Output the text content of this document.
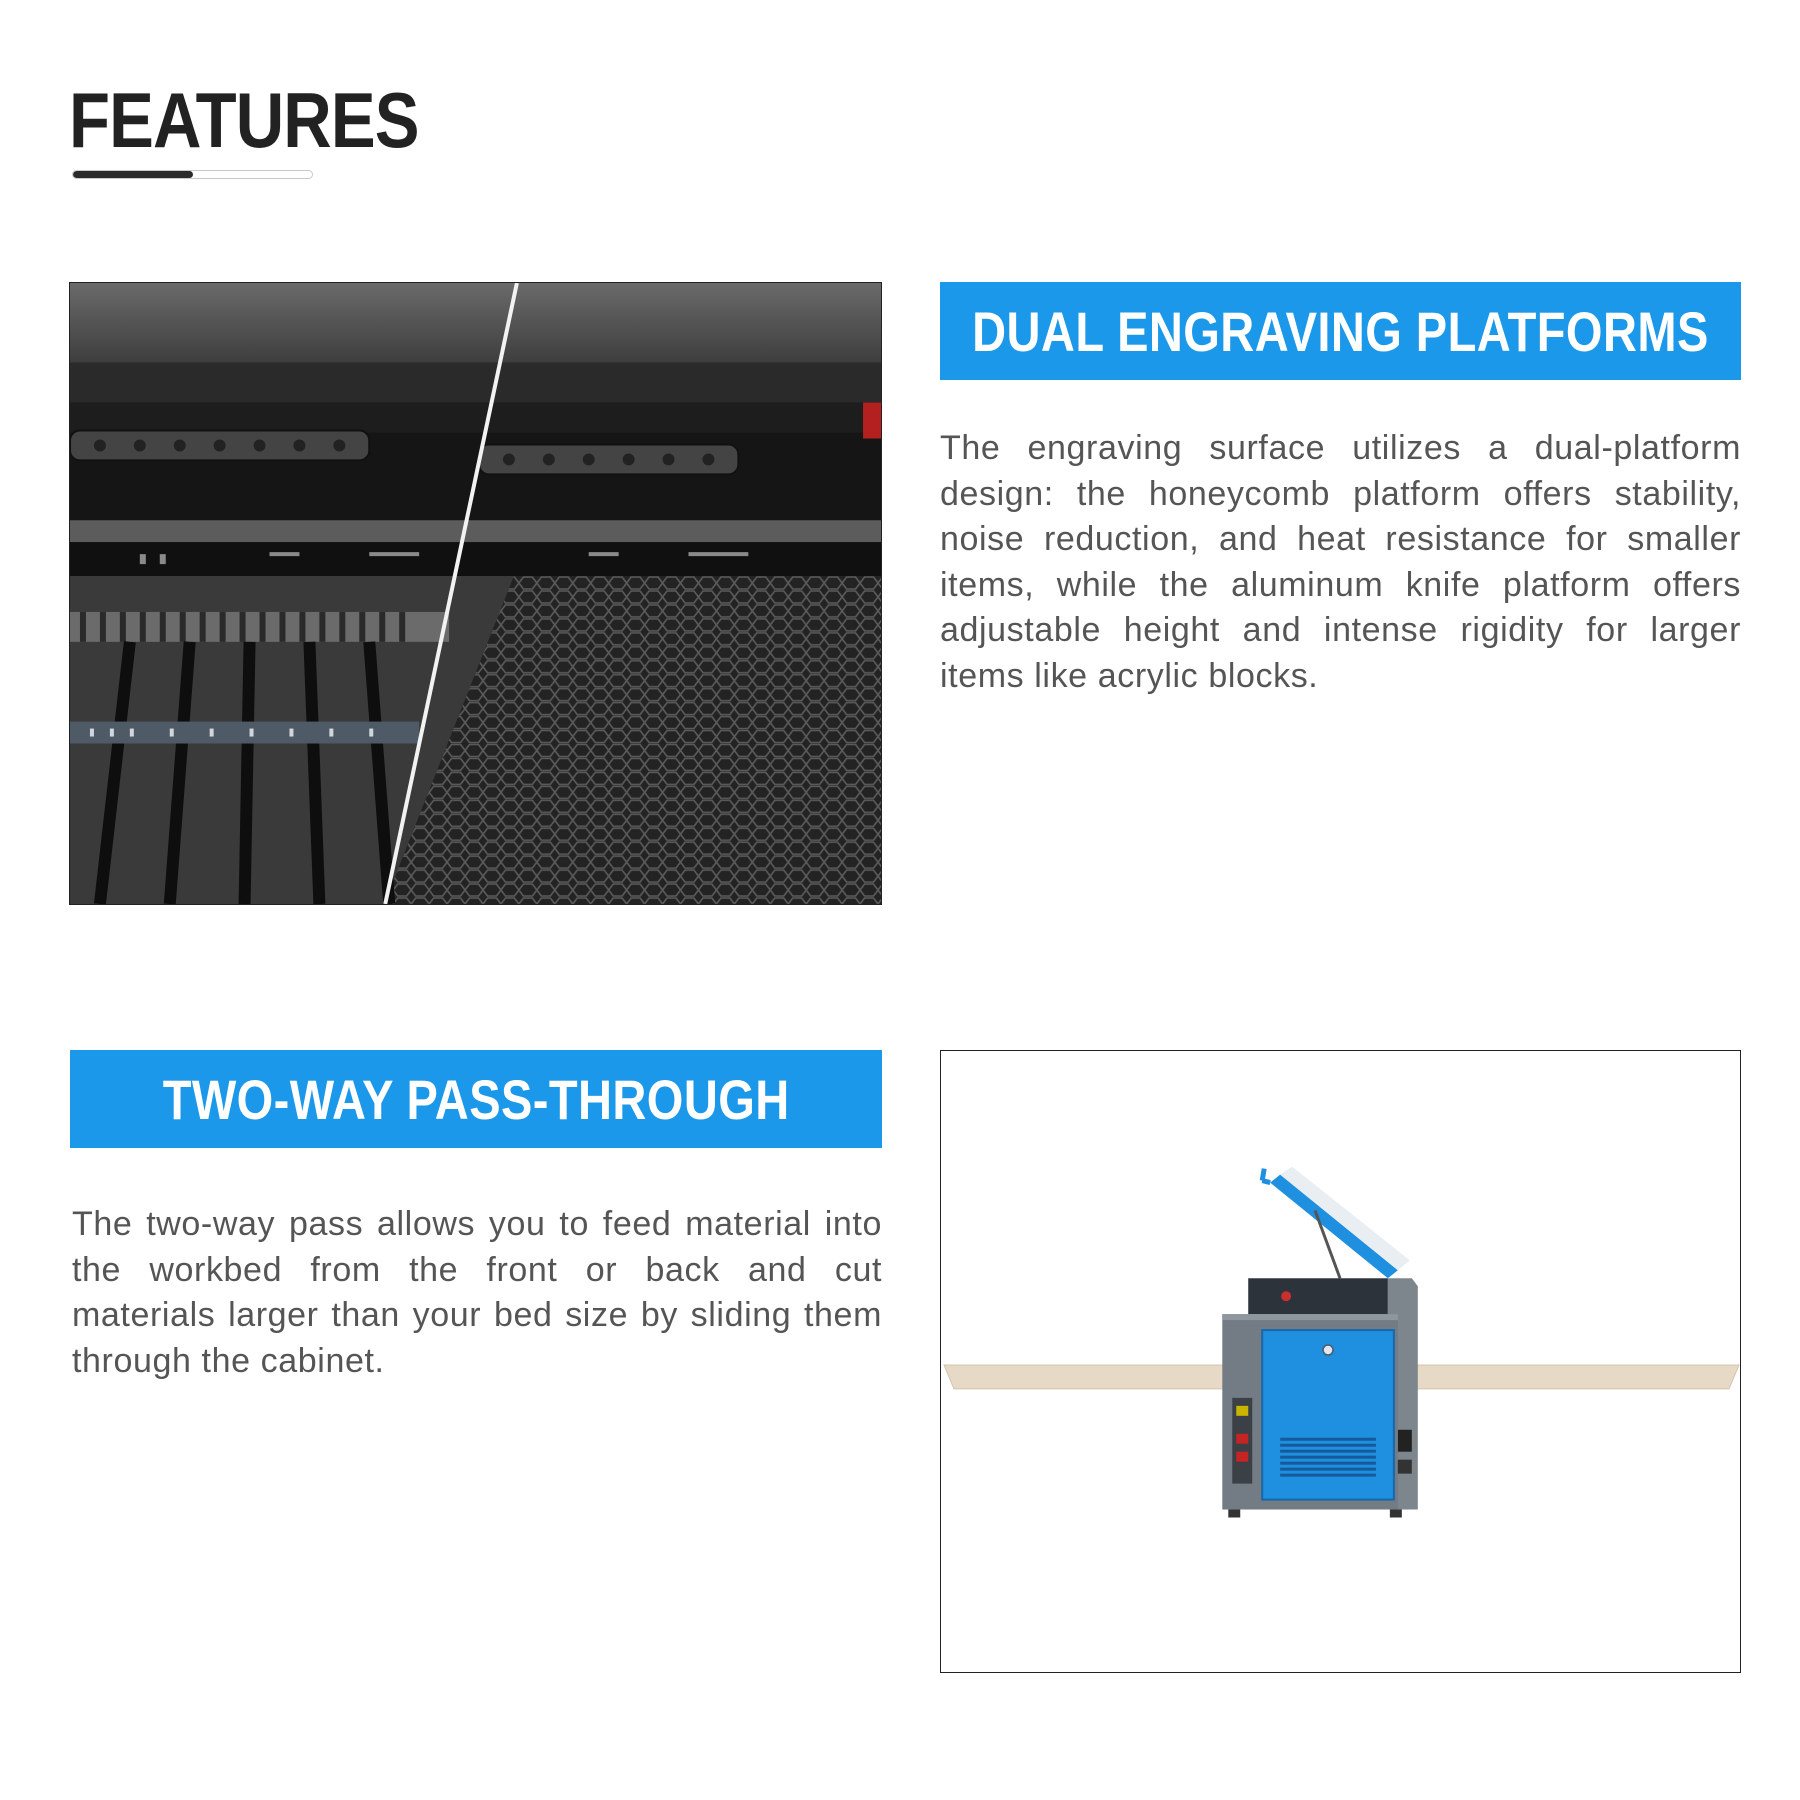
FEATURES
DUAL ENGRAVING PLATFORMS

The engraving surface utilizes a dual-platform design: the honeycomb platform offers stability, noise reduction, and heat resistance for smaller items, while the aluminum knife platform offers adjustable height and intense rigidity for larger items like acrylic blocks.

TWO-WAY PASS-THROUGH

The two-way pass allows you to feed material into the workbed from the front or back and cut materials larger than your bed size by sliding them through the cabinet.
